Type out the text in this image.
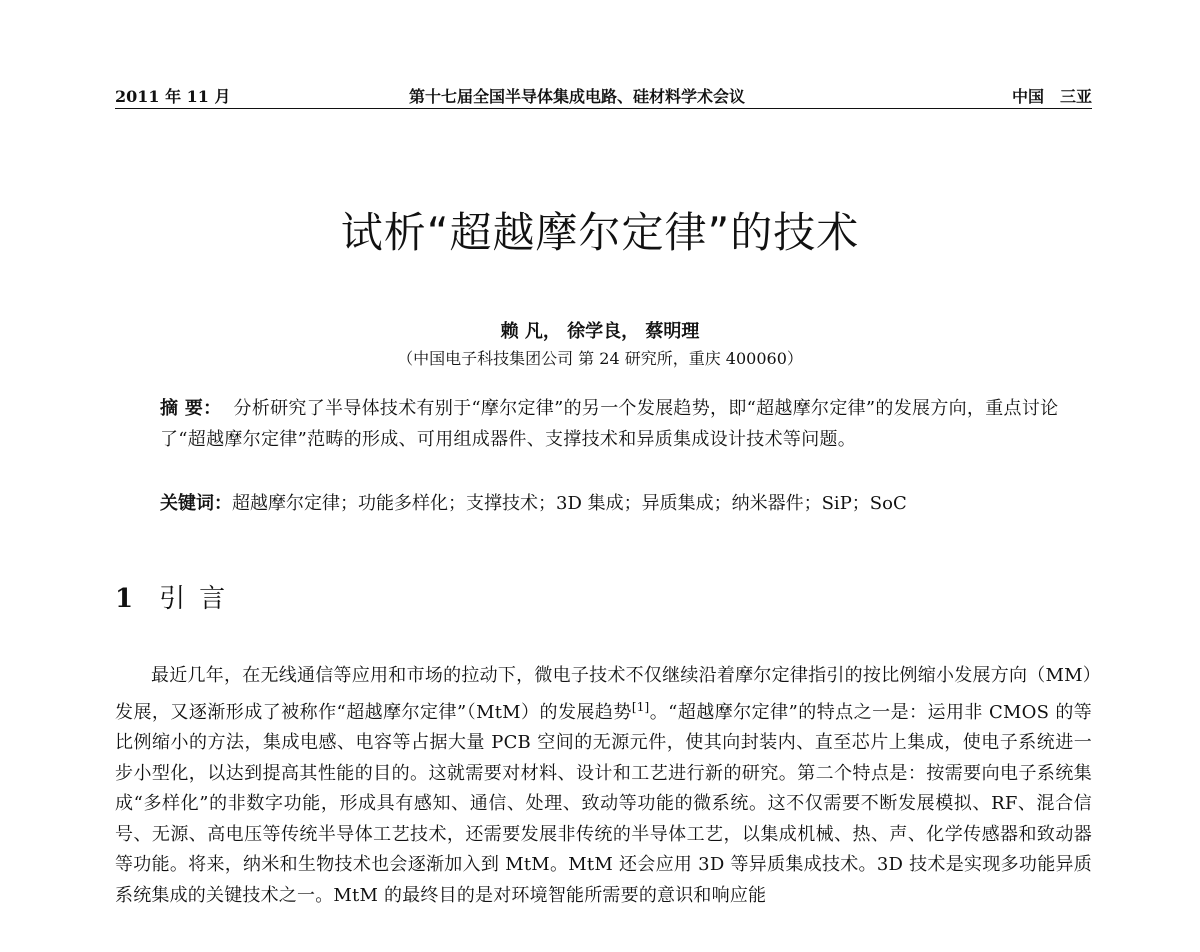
2011 年 11 月	第十七届全国半导体集成电路、硅材料学术会议	中国　三亚
试析“超越摩尔定律”的技术
赖 凡， 徐学良， 蔡明理
（中国电子科技集团公司 第 24 研究所，重庆 400060）
摘 要： 分析研究了半导体技术有别于“摩尔定律”的另一个发展趋势，即“超越摩尔定律”的发展方向，重点讨论了“超越摩尔定律”范畴的形成、可用组成器件、支撑技术和异质集成设计技术等问题。
关键词：超越摩尔定律；功能多样化；支撑技术；3D 集成；异质集成；纳米器件；SiP；SoC
1 引言

最近几年，在无线通信等应用和市场的拉动下，微电子技术不仅继续沿着摩尔定律指引的按比例缩小发展方向（MM）发展，又逐渐形成了被称作“超越摩尔定律”（MtM）的发展趋势[1]。“超越摩尔定律”的特点之一是：运用非 CMOS 的等比例缩小的方法，集成电感、电容等占据大量 PCB 空间的无源元件，使其向封装内、直至芯片上集成，使电子系统进一步小型化，以达到提高其性能的目的。这就需要对材料、设计和工艺进行新的研究。第二个特点是：按需要向电子系统集成“多样化”的非数字功能，形成具有感知、通信、处理、致动等功能的微系统。这不仅需要不断发展模拟、RF、混合信号、无源、高电压等传统半导体工艺技术，还需要发展非传统的半导体工艺，以集成机械、热、声、化学传感器和致动器等功能。将来，纳米和生物技术也会逐渐加入到 MtM。MtM 还会应用 3D 等异质集成技术。3D 技术是实现多功能异质系统集成的关键技术之一。MtM 的最终目的是对环境智能所需要的意识和响应能
